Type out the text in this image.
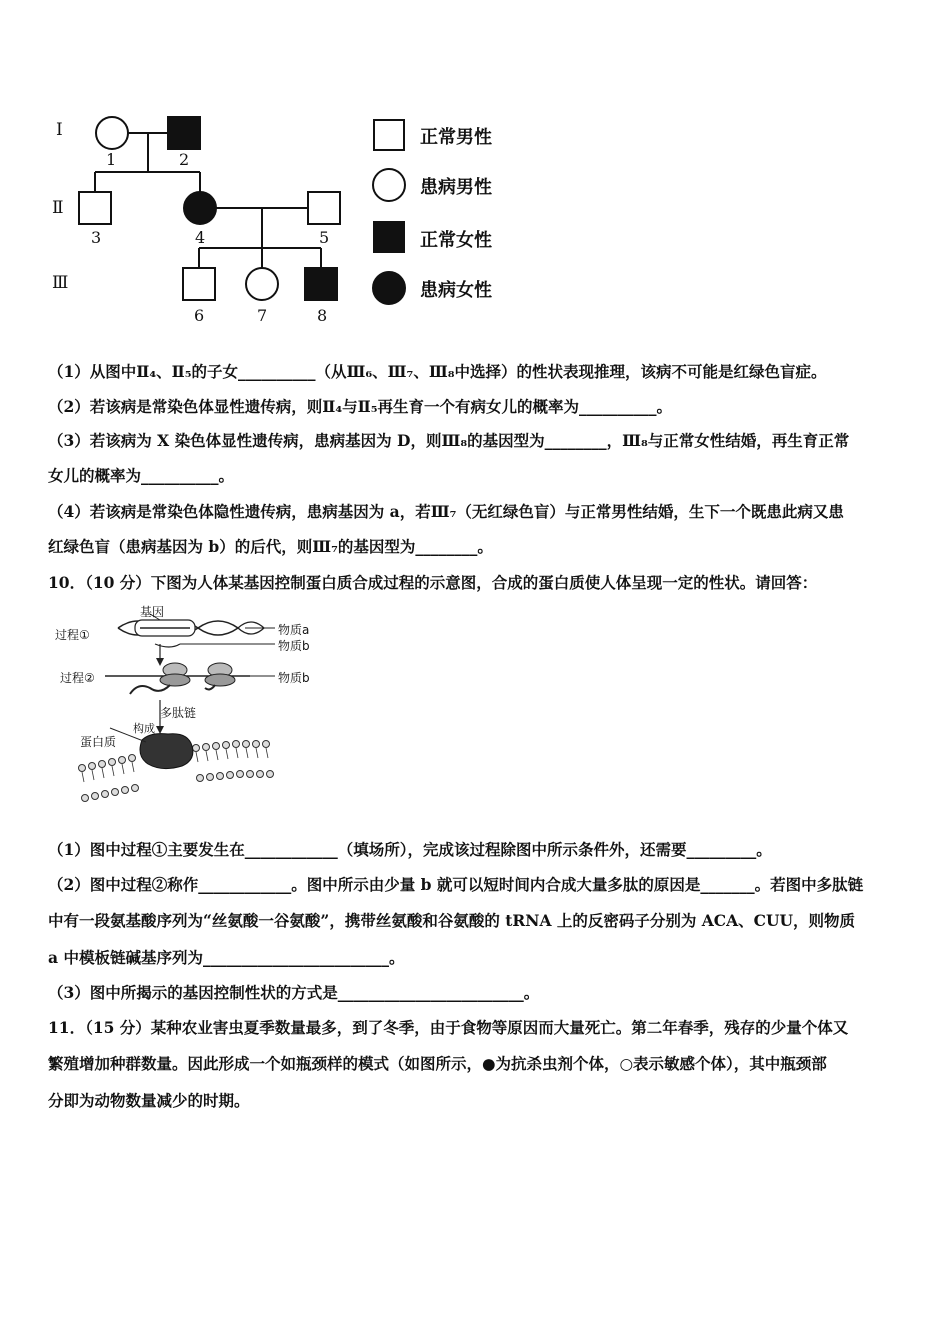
I
Ⅱ
Ⅲ
1	2
3	4	5
6	7	8
正常男性
患病男性
正常女性
患病女性
（1）从图中Ⅱ₄、Ⅱ₅的子女__________（从Ⅲ₆、Ⅲ₇、Ⅲ₈中选择）的性状表现推理，该病不可能是红绿色盲症。
（2）若该病是常染色体显性遗传病，则Ⅱ₄与Ⅱ₅再生育一个有病女儿的概率为__________。
（3）若该病为 X 染色体显性遗传病，患病基因为 D，则Ⅲ₈的基因型为________，Ⅲ₈与正常女性结婚，再生育正常
女儿的概率为__________。
（4）若该病是常染色体隐性遗传病，患病基因为 a，若Ⅲ₇（无红绿色盲）与正常男性结婚，生下一个既患此病又患
红绿色盲（患病基因为 b）的后代，则Ⅲ₇的基因型为________。
10．（10 分）下图为人体某基因控制蛋白质合成过程的示意图，合成的蛋白质使人体呈现一定的性状。请回答：
基因
过程①	物质a
物质b
过程②	物质b
多肽链
构成
蛋白质
（1）图中过程①主要发生在____________（填场所），完成该过程除图中所示条件外，还需要_________。
（2）图中过程②称作____________。图中所示由少量 b 就可以短时间内合成大量多肽的原因是_______。若图中多肽链
中有一段氨基酸序列为“丝氨酸一谷氨酸”，携带丝氨酸和谷氨酸的 tRNA 上的反密码子分别为 ACA、CUU，则物质
a 中模板链碱基序列为________________________。
（3）图中所揭示的基因控制性状的方式是________________________。
11．（15 分）某种农业害虫夏季数量最多，到了冬季，由于食物等原因而大量死亡。第二年春季，残存的少量个体又
繁殖增加种群数量。因此形成一个如瓶颈样的模式（如图所示，●为抗杀虫剂个体，○表示敏感个体），其中瓶颈部
分即为动物数量减少的时期。
